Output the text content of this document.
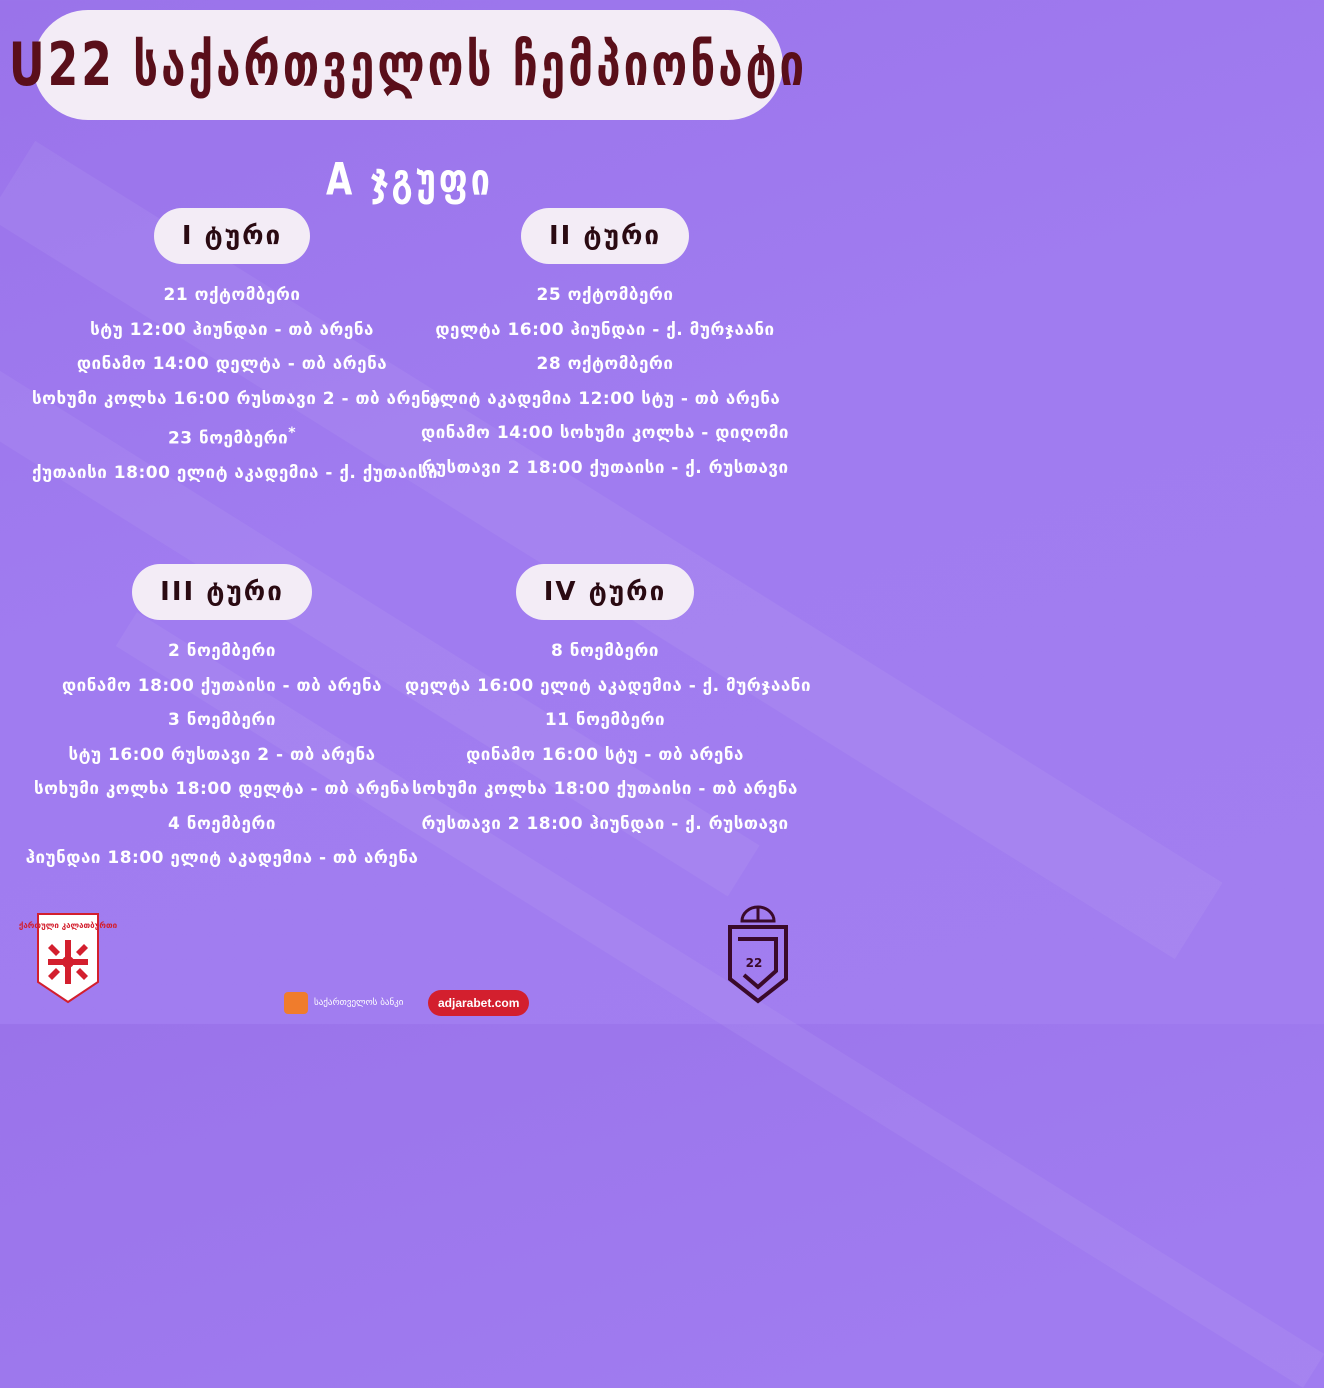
U22 საქართველოს ჩემპიონატი
A ჯგუფი
I ტური
21 ოქტომბერი
სტუ 12:00 ჰიუნდაი - თბ არენა
დინამო 14:00 დელტა - თბ არენა
სოხუმი კოლხა 16:00 რუსთავი 2 - თბ არენა
23 ნოემბერი*
ქუთაისი 18:00 ელიტ აკადემია - ქ. ქუთაისი
II ტური
25 ოქტომბერი
დელტა 16:00 ჰიუნდაი - ქ. მურჯაანი
28 ოქტომბერი
ელიტ აკადემია 12:00 სტუ - თბ არენა
დინამო 14:00 სოხუმი კოლხა - დიღომი
რუსთავი 2 18:00 ქუთაისი - ქ. რუსთავი
III ტური
2 ნოემბერი
დინამო 18:00 ქუთაისი - თბ არენა
3 ნოემბერი
სტუ 16:00 რუსთავი 2 - თბ არენა
სოხუმი კოლხა 18:00 დელტა - თბ არენა
4 ნოემბერი
ჰიუნდაი 18:00 ელიტ აკადემია - თბ არენა
IV ტური
8 ნოემბერი
დელტა 16:00 ელიტ აკადემია - ქ. მურჯაანი
11 ნოემბერი
დინამო 16:00 სტუ - თბ არენა
სოხუმი კოლხა 18:00 ქუთაისი - თბ არენა
რუსთავი 2 18:00 ჰიუნდაი - ქ. რუსთავი
ქართული კალათბურთი
22
საქართველოს ბანკი	adjarabet.com
